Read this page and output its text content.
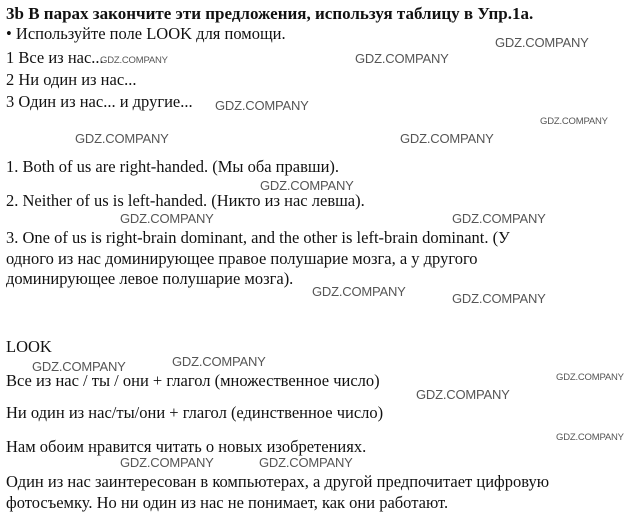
3b В парах закончите эти предложения, используя таблицу в Упр.1а.
• Используйте поле LOOK для помощи.
1 Все из нас...
2 Ни один из нас...
3 Один из нас... и другие...
1. Both of us are right-handed. (Мы оба правши).
2. Neither of us is left-handed. (Никто из нас левша).
3. One of us is right-brain dominant, and the other is left-brain dominant. (У
одного из нас доминирующее правое полушарие мозга, а у другого
доминирующее левое полушарие мозга).
LOOK
Все из нас / ты / они + глагол (множественное число)
Ни один из нас/ты/они + глагол (единственное число)
Нам обоим нравится читать о новых изобретениях.
Один из нас заинтересован в компьютерах, а другой предпочитает цифровую
фотосъемку. Но ни один из нас не понимает, как они работают.
GDZ.COMPANY
GDZ.COMPANY
GDZ.COMPANY
GDZ.COMPANY
GDZ.COMPANY
GDZ.COMPANY	GDZ.COMPANY
GDZ.COMPANY
GDZ.COMPANY	GDZ.COMPANY
GDZ.COMPANY	GDZ.COMPANY
GDZ.COMPANY
GDZ.COMPANY
GDZ.COMPANY
GDZ.COMPANY
GDZ.COMPANY
GDZ.COMPANY	GDZ.COMPANY
